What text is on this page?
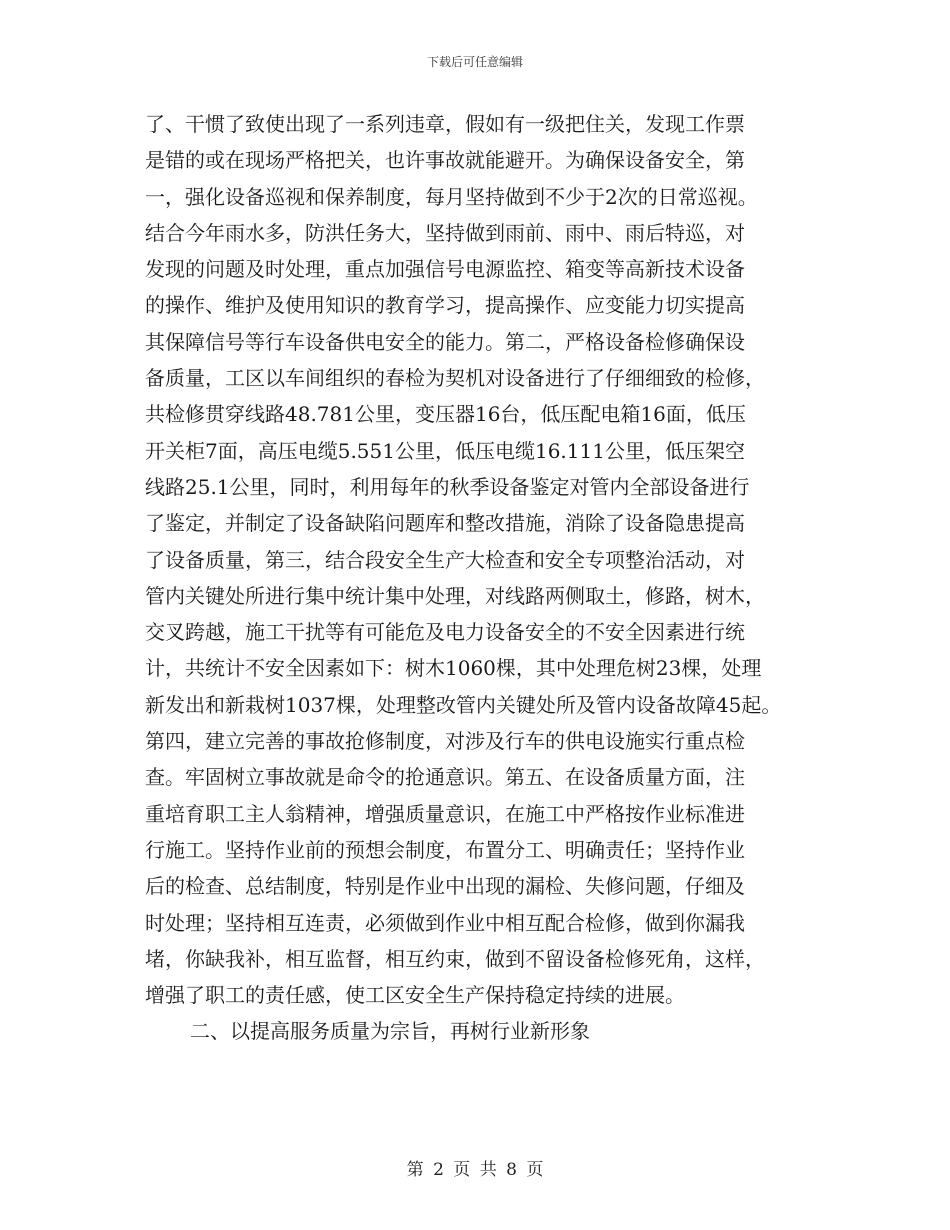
下载后可任意编辑
了、干惯了致使出现了一系列违章，假如有一级把住关，发现工作票
是错的或在现场严格把关，也许事故就能避开。为确保设备安全，第
一，强化设备巡视和保养制度，每月坚持做到不少于2次的日常巡视。
结合今年雨水多，防洪任务大，坚持做到雨前、雨中、雨后特巡，对
发现的问题及时处理，重点加强信号电源监控、箱变等高新技术设备
的操作、维护及使用知识的教育学习，提高操作、应变能力切实提高
其保障信号等行车设备供电安全的能力。第二，严格设备检修确保设
备质量，工区以车间组织的春检为契机对设备进行了仔细细致的检修，
共检修贯穿线路48.781公里，变压器16台，低压配电箱16面，低压
开关柜7面，高压电缆5.551公里，低压电缆16.111公里，低压架空
线路25.1公里，同时，利用每年的秋季设备鉴定对管内全部设备进行
了鉴定，并制定了设备缺陷问题库和整改措施，消除了设备隐患提高
了设备质量，第三，结合段安全生产大检查和安全专项整治活动，对
管内关键处所进行集中统计集中处理，对线路两侧取土，修路，树木，
交叉跨越，施工干扰等有可能危及电力设备安全的不安全因素进行统
计，共统计不安全因素如下：树木1060棵，其中处理危树23棵，处理
新发出和新栽树1037棵，处理整改管内关键处所及管内设备故障45起。
第四，建立完善的事故抢修制度，对涉及行车的供电设施实行重点检
查。牢固树立事故就是命令的抢通意识。第五、在设备质量方面，注
重培育职工主人翁精神，增强质量意识，在施工中严格按作业标准进
行施工。坚持作业前的预想会制度，布置分工、明确责任；坚持作业
后的检查、总结制度，特别是作业中出现的漏检、失修问题，仔细及
时处理；坚持相互连责，必须做到作业中相互配合检修，做到你漏我
堵，你缺我补，相互监督，相互约束，做到不留设备检修死角，这样，
增强了职工的责任感，使工区安全生产保持稳定持续的进展。
二、以提高服务质量为宗旨，再树行业新形象
第 2 页 共 8 页
